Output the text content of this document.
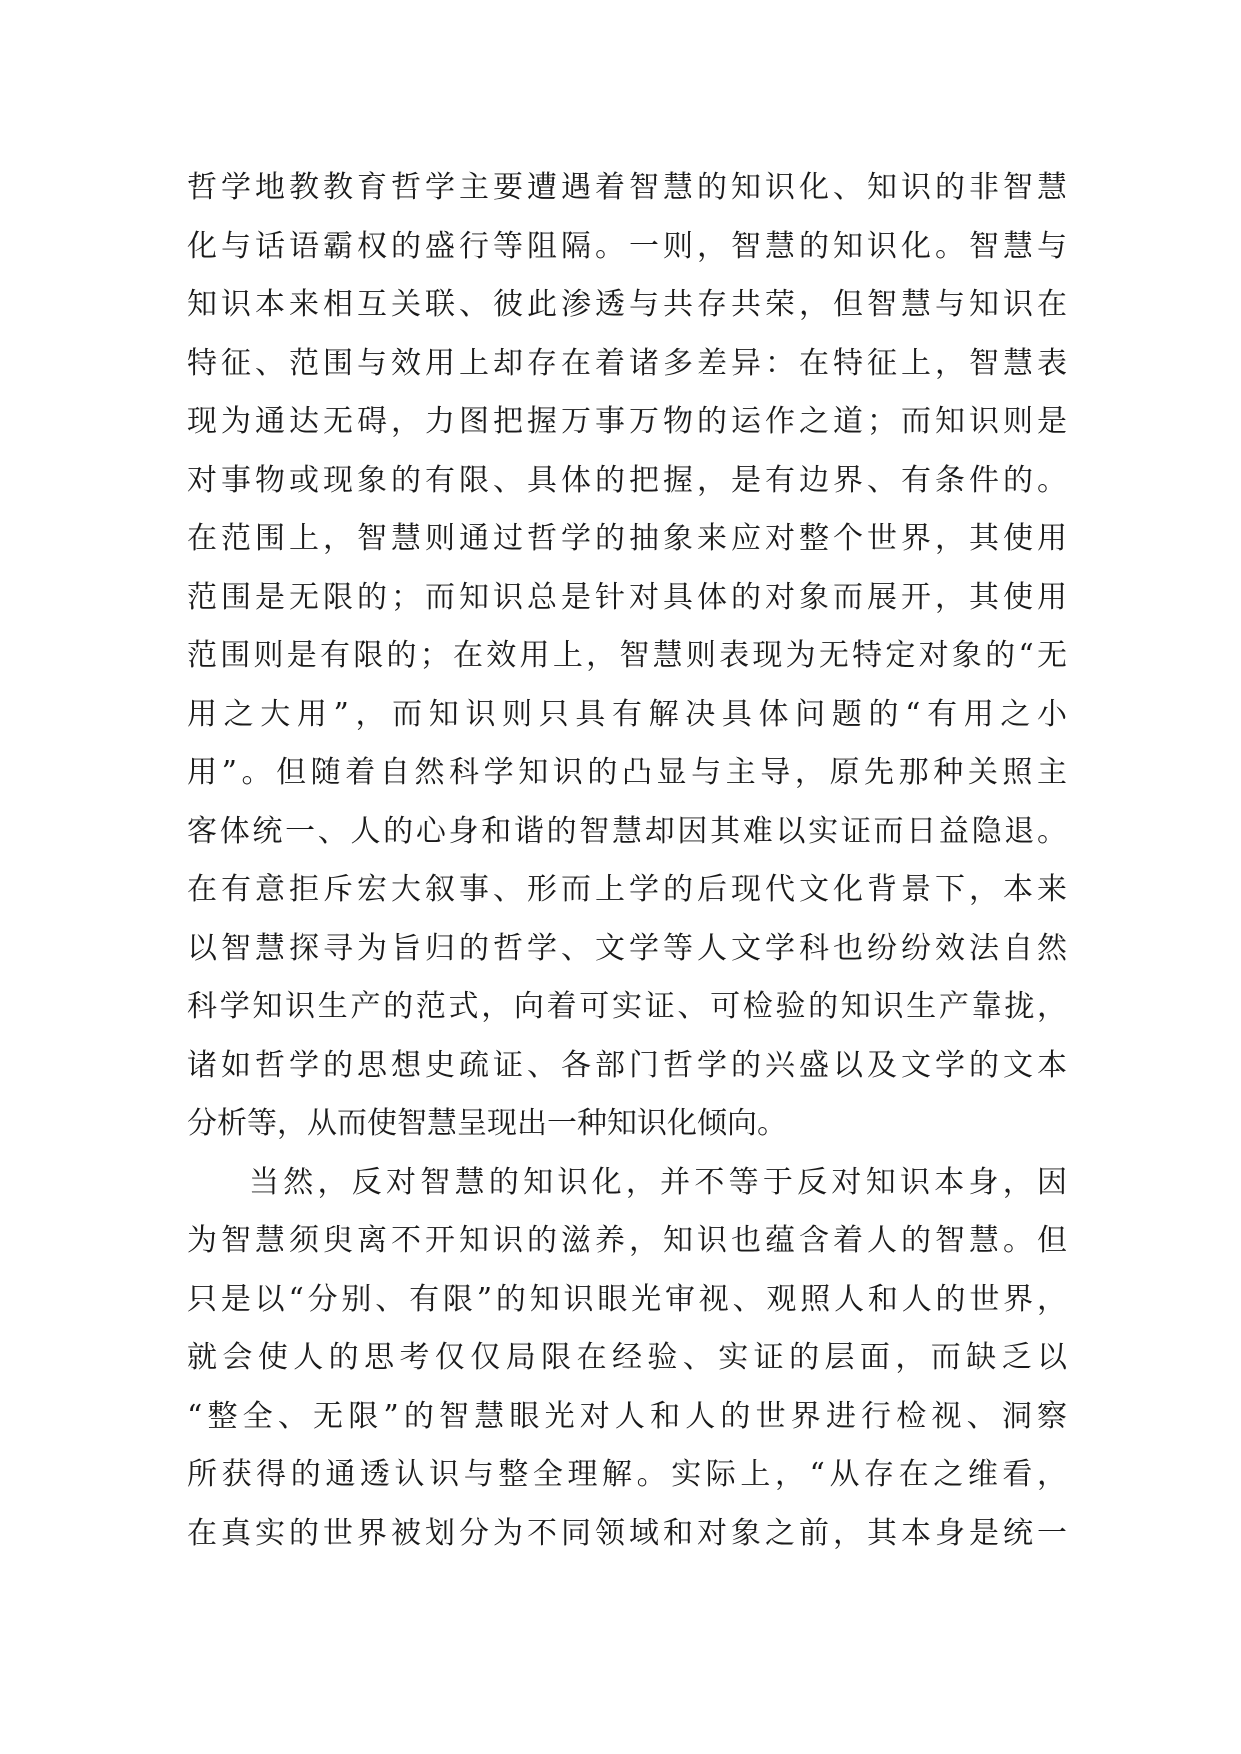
哲学地教教育哲学主要遭遇着智慧的知识化、知识的非智慧
化与话语霸权的盛行等阻隔。一则，智慧的知识化。智慧与
知识本来相互关联、彼此渗透与共存共荣，但智慧与知识在
特征、范围与效用上却存在着诸多差异：在特征上，智慧表
现为通达无碍，力图把握万事万物的运作之道；而知识则是
对事物或现象的有限、具体的把握，是有边界、有条件的。
在范围上，智慧则通过哲学的抽象来应对整个世界，其使用
范围是无限的；而知识总是针对具体的对象而展开，其使用
范围则是有限的；在效用上，智慧则表现为无特定对象的“无
用之大用”，而知识则只具有解决具体问题的“有用之小
用”。但随着自然科学知识的凸显与主导，原先那种关照主
客体统一、人的心身和谐的智慧却因其难以实证而日益隐退。
在有意拒斥宏大叙事、形而上学的后现代文化背景下，本来
以智慧探寻为旨归的哲学、文学等人文学科也纷纷效法自然
科学知识生产的范式，向着可实证、可检验的知识生产靠拢，
诸如哲学的思想史疏证、各部门哲学的兴盛以及文学的文本
分析等，从而使智慧呈现出一种知识化倾向。
当然，反对智慧的知识化，并不等于反对知识本身，因
为智慧须臾离不开知识的滋养，知识也蕴含着人的智慧。但
只是以“分别、有限”的知识眼光审视、观照人和人的世界，
就会使人的思考仅仅局限在经验、实证的层面，而缺乏以
“整全、无限”的智慧眼光对人和人的世界进行检视、洞察
所获得的通透认识与整全理解。实际上，“从存在之维看，
在真实的世界被划分为不同领域和对象之前，其本身是统一
